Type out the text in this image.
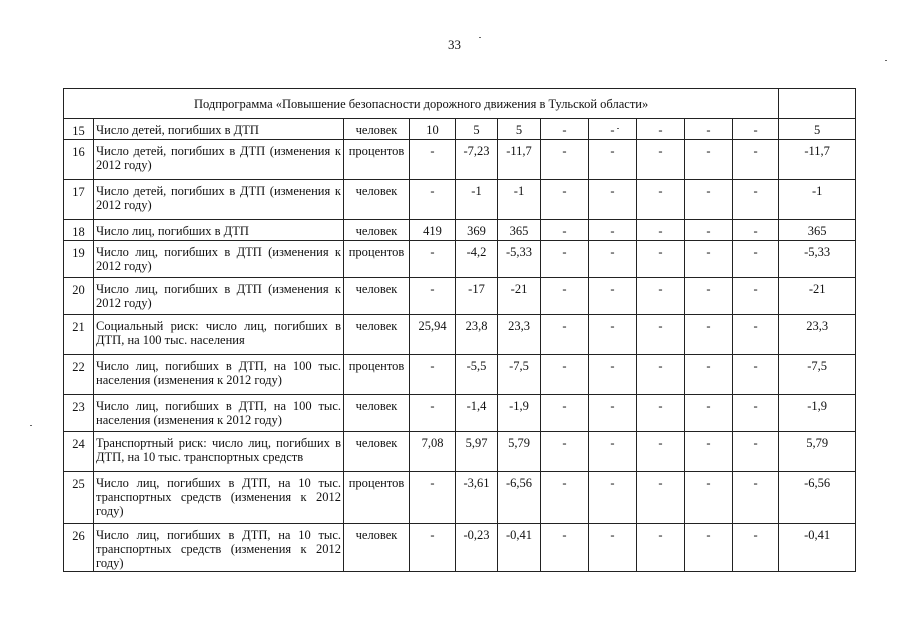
33
Подпрограмма «Повышение безопасности дорожного движения в Тульской области»											
15	Число детей, погибших в ДТП	человек	10	5	5	-	-	-	-	-	5
16	Число детей, погибших в ДТП (изменения к 2012 году)	процентов	-	-7,23	-11,7	-	-	-	-	-	-11,7
17	Число детей, погибших в ДТП (изменения к 2012 году)	человек	-	-1	-1	-	-	-	-	-	-1
18	Число лиц, погибших в ДТП	человек	419	369	365	-	-	-	-	-	365
19	Число лиц, погибших в ДТП (изменения к 2012 году)	процентов	-	-4,2	-5,33	-	-	-	-	-	-5,33
20	Число лиц, погибших в ДТП (изменения к 2012 году)	человек	-	-17	-21	-	-	-	-	-	-21
21	Социальный риск: число лиц, погибших в ДТП, на 100 тыс. населения	человек	25,94	23,8	23,3	-	-	-	-	-	23,3
22	Число лиц, погибших в ДТП, на 100 тыс. населения (изменения к 2012 году)	процентов	-	-5,5	-7,5	-	-	-	-	-	-7,5
23	Число лиц, погибших в ДТП, на 100 тыс. населения (изменения к 2012 году)	человек	-	-1,4	-1,9	-	-	-	-	-	-1,9
24	Транспортный риск: число лиц, погибших в ДТП, на 10 тыс. транспортных средств	человек	7,08	5,97	5,79	-	-	-	-	-	5,79
25	Число лиц, погибших в ДТП, на 10 тыс. транспортных средств (изменения к 2012 году)	процентов	-	-3,61	-6,56	-	-	-	-	-	-6,56
26	Число лиц, погибших в ДТП, на 10 тыс. транспортных средств (изменения к 2012 году)	человек	-	-0,23	-0,41	-	-	-	-	-	-0,41
